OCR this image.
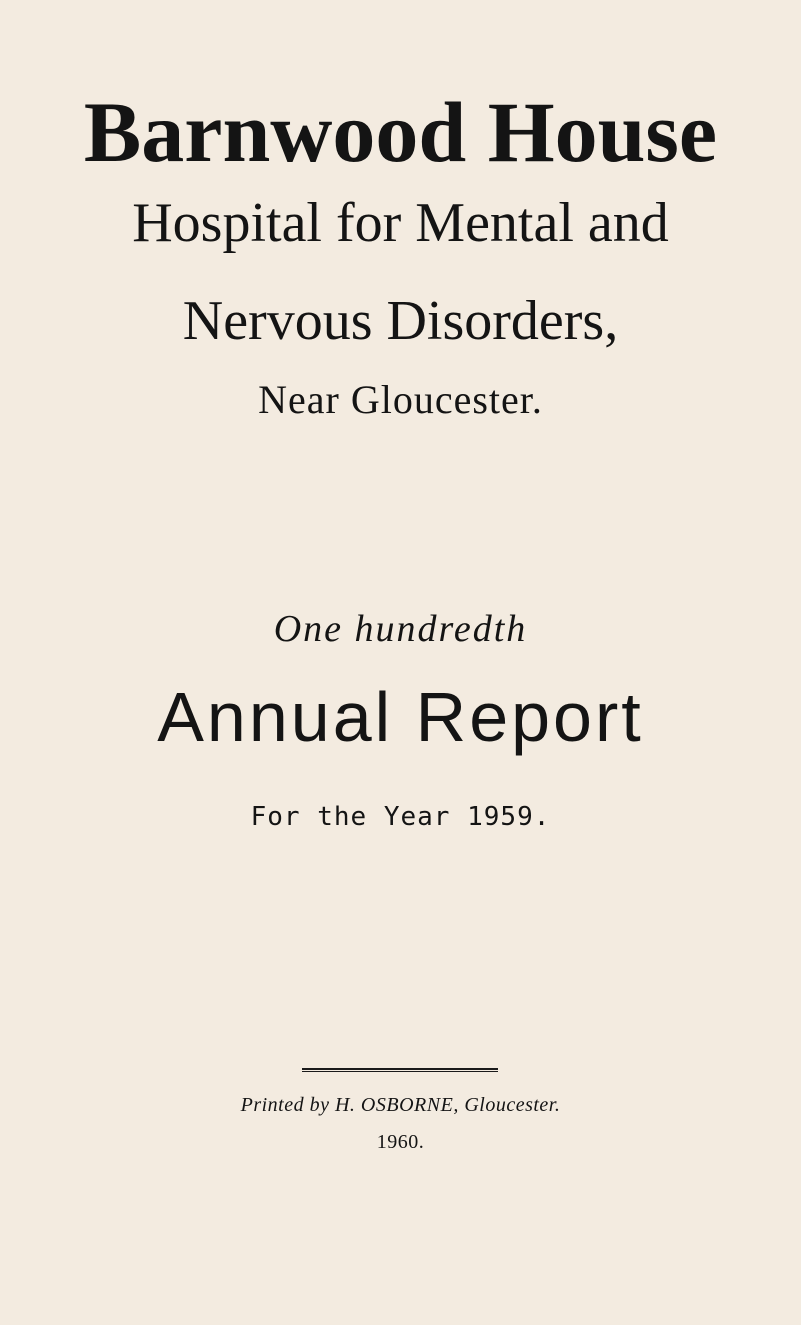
Barnwood House
Hospital for Mental and
Nervous Disorders,
Near Gloucester.
One hundredth
Annual Report
For the Year 1959.
Printed by H. OSBORNE, Gloucester.
1960.
